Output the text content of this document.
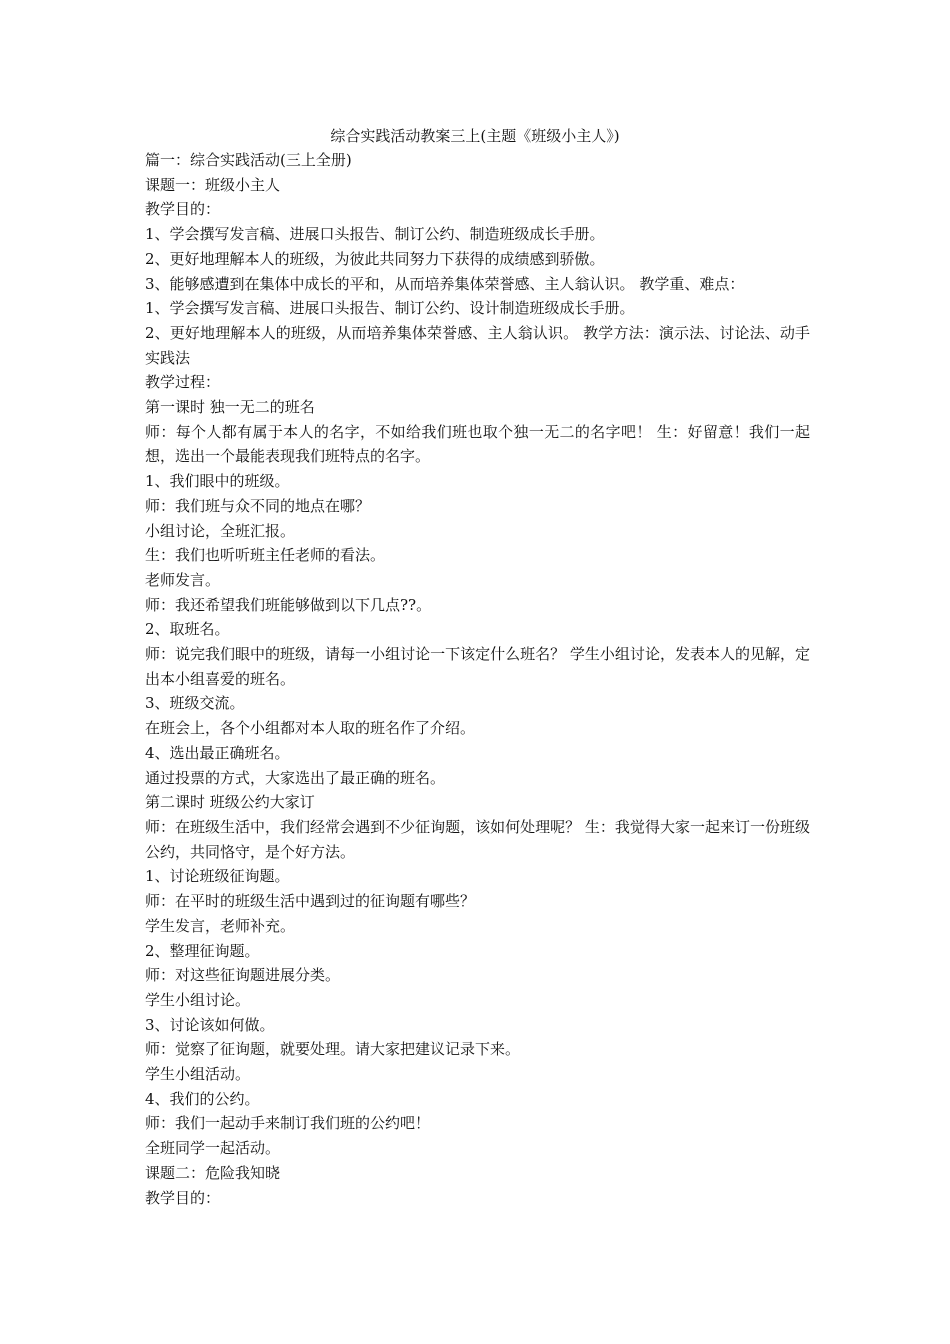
综合实践活动教案三上(主题《班级小主人》)

篇一：综合实践活动(三上全册)

课题一：班级小主人

教学目的：

1、学会撰写发言稿、进展口头报告、制订公约、制造班级成长手册。

2、更好地理解本人的班级，为彼此共同努力下获得的成绩感到骄傲。

3、能够感遭到在集体中成长的平和，从而培养集体荣誉感、主人翁认识。 教学重、难点：

1、学会撰写发言稿、进展口头报告、制订公约、设计制造班级成长手册。

2、更好地理解本人的班级，从而培养集体荣誉感、主人翁认识。 教学方法：演示法、讨论法、动手实践法

教学过程：

第一课时 独一无二的班名

师：每个人都有属于本人的名字，不如给我们班也取个独一无二的名字吧！ 生：好留意！我们一起想，选出一个最能表现我们班特点的名字。

1、我们眼中的班级。

师：我们班与众不同的地点在哪？

小组讨论，全班汇报。

生：我们也听听班主任老师的看法。

老师发言。

师：我还希望我们班能够做到以下几点??。

2、取班名。

师：说完我们眼中的班级，请每一小组讨论一下该定什么班名？ 学生小组讨论，发表本人的见解，定出本小组喜爱的班名。

3、班级交流。

在班会上，各个小组都对本人取的班名作了介绍。

4、选出最正确班名。

通过投票的方式，大家选出了最正确的班名。

第二课时 班级公约大家订

师：在班级生活中，我们经常会遇到不少征询题，该如何处理呢？ 生：我觉得大家一起来订一份班级公约，共同恪守，是个好方法。

1、讨论班级征询题。

师：在平时的班级生活中遇到过的征询题有哪些？

学生发言，老师补充。

2、整理征询题。

师：对这些征询题进展分类。

学生小组讨论。

3、讨论该如何做。

师：觉察了征询题，就要处理。请大家把建议记录下来。

学生小组活动。

4、我们的公约。

师：我们一起动手来制订我们班的公约吧！

全班同学一起活动。

课题二：危险我知晓

教学目的：
